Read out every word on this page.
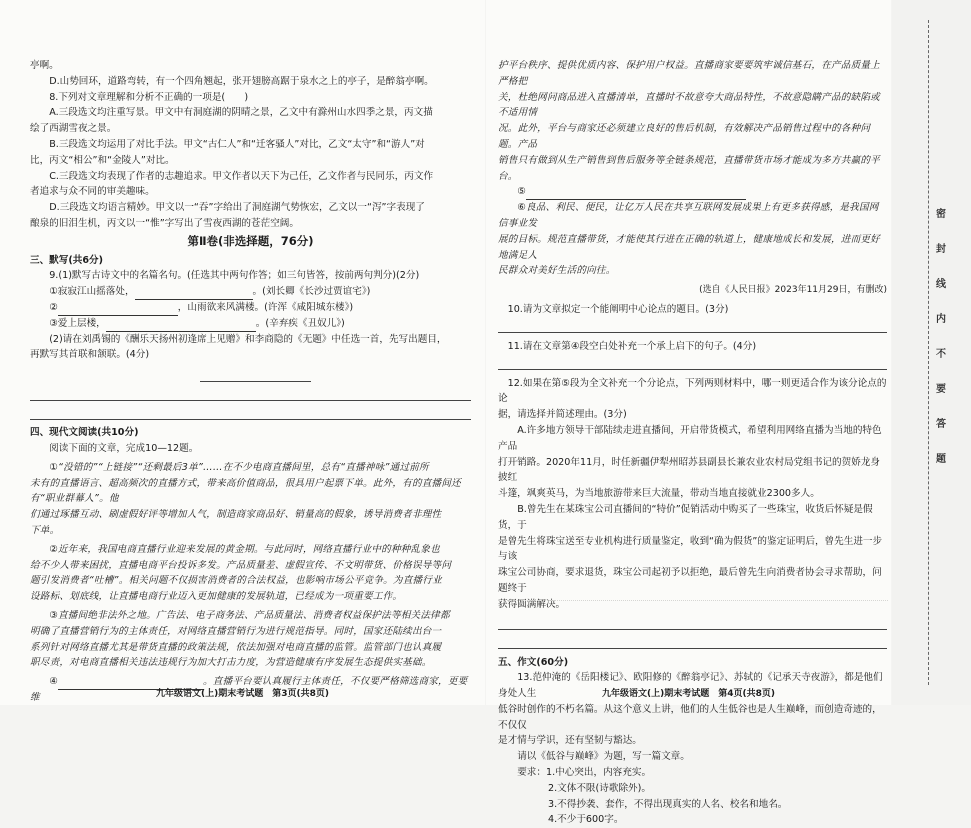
亭啊。

D.山势回环，道路弯转，有一个四角翘起，张开翅膀高踞于泉水之上的亭子，是醉翁亭啊。

8.下列对文章理解和分析不正确的一项是(　　)

A.三段选文均注重写景。甲文中有洞庭湖的阴晴之景，乙文中有滁州山水四季之景，丙文描

绘了西湖雪夜之景。

B.三段选文均运用了对比手法。甲文“古仁人”和“迁客骚人”对比，乙文“太守”和“游人”对

比，丙文“相公”和“金陵人”对比。

C.三段选文均表现了作者的志趣追求。甲文作者以天下为己任，乙文作者与民同乐，丙文作

者追求与众不同的审美趣味。

D.三段选文均语言精妙。甲文以一“吞”字给出了洞庭湖气势恢宏，乙文以一“泻”字表现了

酿泉的旧泪生机，丙文以一“惟”字写出了雪夜西湖的苍茫空阔。

第Ⅱ卷(非选择题，76分)

三、默写(共6分)

9.(1)默写古诗文中的名篇名句。(任选其中两句作答；如三句皆答，按前两句判分)(2分)

①寂寂江山摇落处，	。(刘长卿《长沙过贾谊宅》)

②	，山雨欲来风满楼。(许浑《咸阳城东楼》)

③爱上层楼，	。(辛弃疾《丑奴儿》)

(2)请在刘禹锡的《酬乐天扬州初逢席上见赠》和李商隐的《无题》中任选一首，先写出题目，

再默写其首联和颔联。(4分)

四、现代文阅读(共10分)

阅读下面的文章，完成10—12题。

①“没错的”“上链接”“还剩最后3单”……在不少电商直播间里，总有“直播神咏”通过前所

未有的直播语言、超高频次的直播方式，带来高价值商品，很具用户起票下单。此外，有的直播间还有“职业群幕人”。他

们通过琢播互动、刷虚假好评等增加人气，制造商家商品好、销量高的假象，诱导消费者非理性

下单。

②近年来，我国电商直播行业迎来发展的黄金期。与此同时，网络直播行业中的种种乱象也

给不少人带来困扰，直播电商平台投诉多发。产品质量差、虚假宣传、不文明带货、价格误导等问

题引发消费者“吐槽”。相关问题不仅损害消费者的合法权益，也影响市场公平竞争。为直播行业

设路标、划底线，让直播电商行业迈入更加健康的发展轨道，已经成为一项重要工作。

③直播间绝非法外之地。广告法、电子商务法、产品质量法、消费者权益保护法等相关法律都

明确了直播营销行为的主体责任，对网络直播营销行为进行规范指导。同时，国家还陆续出台一

系列针对网络直播尤其是带货直播的政策法规，依法加强对电商直播的监管。监管部门也认真履

职尽责，对电商直播相关违法违规行为加大打击力度，为营造健康有序发展生态提供实基础。

④	。直播平台要认真履行主体责任，不仅要严格筛选商家，更要维	九年级语文(上)期末考试题　第3页(共8页)

护平台秩序、提供优质内容、保护用户权益。直播商家要要筑牢诚信基石，在产品质量上严格把

关，杜绝网问商品进入直播清单，直播时不故意夸大商品特性，不故意隐瞒产品的缺陷或不适用情

况。此外，平台与商家还必须建立良好的售后机制，有效解决产品销售过程中的各种问题。产品

销售只有做到从生产销售到售后服务等全链条规范，直播带货市场才能成为多方共赢的平台。

⑤

⑥良品、利民、便民，让亿万人民在共享互联网发展成果上有更多获得感，是我国网信事业发

展的目标。规范直播带货，才能使其行进在正确的轨道上，健康地成长和发展，进而更好地满足人

民群众对美好生活的向往。

(选自《人民日报》2023年11月29日，有删改)

10.请为文章拟定一个能阐明中心论点的题目。(3分)

11.请在文章第④段空白处补充一个承上启下的句子。(4分)

12.如果在第⑤段为全文补充一个分论点，下列两则材料中，哪一则更适合作为该分论点的论

据，请选择并简述理由。(3分)

A.许多地方领导干部陆续走进直播间，开启带货模式，希望利用网络直播为当地的特色产品

打开销路。2020年11月，时任新疆伊犁州昭苏县副县长兼农业农村局党组书记的贺娇龙身披红

斗篷，飒爽英马，为当地旅游带来巨大流量，带动当地直接就业2300多人。

B.曾先生在某珠宝公司直播间的“特价”促销活动中购买了一些珠宝，收货后怀疑是假货，于

是曾先生将珠宝送至专业机构进行质量鉴定，收到“确为假货”的鉴定证明后，曾先生进一步与该

珠宝公司协商，要求退货，珠宝公司起初予以拒绝，最后曾先生向消费者协会寻求帮助，问题终于

获得圆满解决。

五、作文(60分)

13.范仲淹的《岳阳楼记》、欧阳修的《醉翁亭记》、苏轼的《记承天寺夜游》，都是他们身处人生

低谷时创作的不朽名篇。从这个意义上讲，他们的人生低谷也是人生巅峰，而创造奇迹的，不仅仅

是才情与学识，还有坚韧与豁达。

请以《低谷与巅峰》为题，写一篇文章。

要求：1.中心突出，内容充实。

2.文体不限(诗歌除外)。

3.不得抄袭、套作，不得出现真实的人名、校名和地名。

4.不少于600字。

九年级语文(上)期末考试题　第4页(共8页)
密
封
线
内
不
要
答
题
